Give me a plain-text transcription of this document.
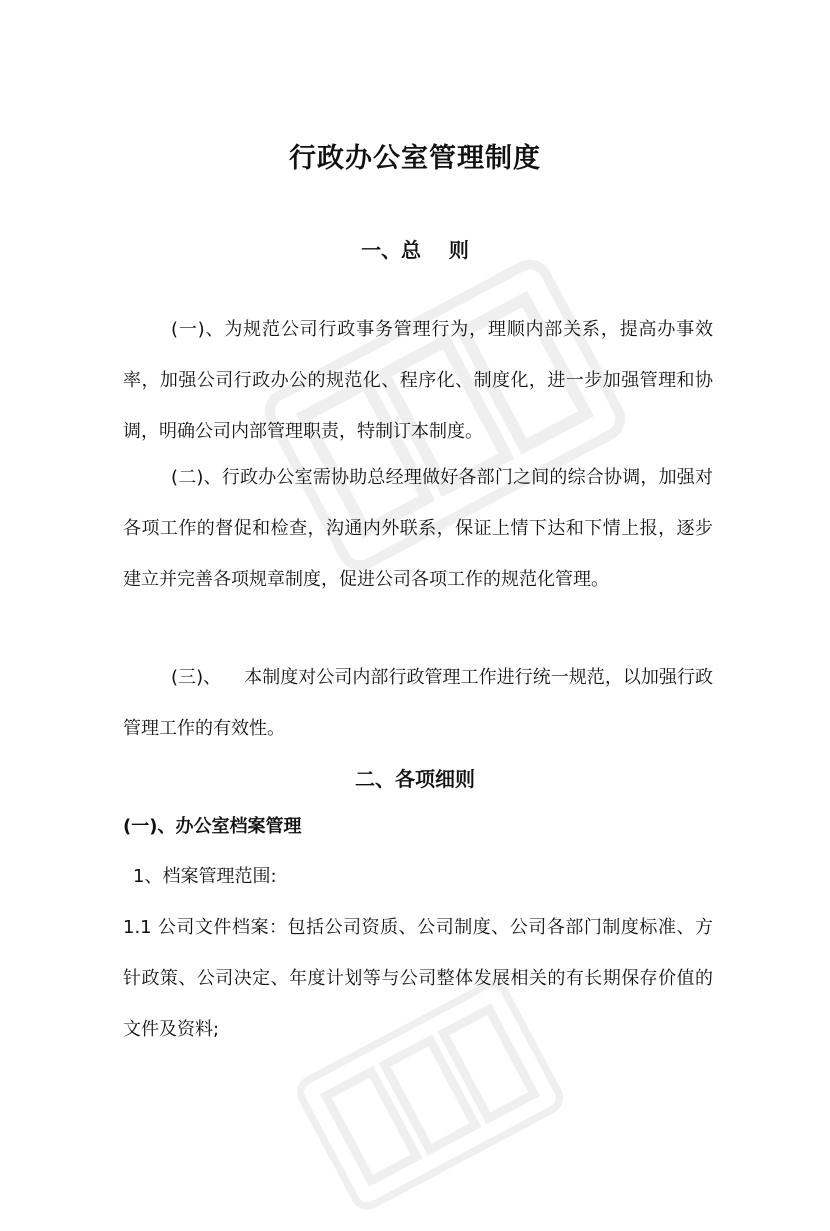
行政办公室管理制度
一、总    则

(一)、为规范公司行政事务管理行为，理顺内部关系，提高办事效率，加强公司行政办公的规范化、程序化、制度化，进一步加强管理和协调，明确公司内部管理职责，特制订本制度。

(二)、行政办公室需协助总经理做好各部门之间的综合协调，加强对各项工作的督促和检查，沟通内外联系，保证上情下达和下情上报，逐步建立并完善各项规章制度，促进公司各项工作的规范化管理。

(三)、    本制度对公司内部行政管理工作进行统一规范，以加强行政管理工作的有效性。

二、各项细则

(一)、办公室档案管理

1、档案管理范围:

1.1 公司文件档案：包括公司资质、公司制度、公司各部门制度标准、方针政策、公司决定、年度计划等与公司整体发展相关的有长期保存价值的文件及资料;
